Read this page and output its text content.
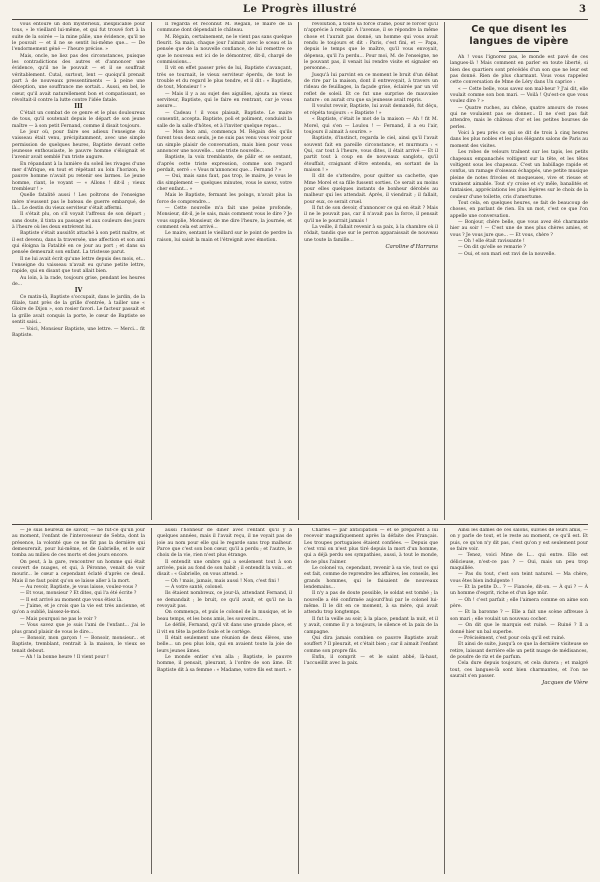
Le Progrès illustré	3

vous entoure un don mystérieux, inexplicable pour tous, » le vieillard lui-même, et qui fut trouvé fort à la suite de la soirée — la mine pâlie, une évidence, qu'il ne le pouvait — et il ne se sentit lui-même que... — De l'endormement géné — l'heure précise. »

Mais, oncle, ne liez pas des circonstances, puisque les contradictions des autres et d'annoncer une évidence, qu'il ne le pouvait — et il se souffrait véritablement. Cutal, surtout, lent — quoiqu'il prenait part à de nouveaux pressentiments — à peine une déception, une souffrance me sortait... Aussi, en bel, le cœur, qu'il avait naturellement bon et compatissant, se révoltait-il contre la lutte contre l'idée fatale.

III

C'était un combat de ce genre et le plus douloureux de tous, qu'il soutenait depuis le départ de son jeune maître — à son petit Fernand, comme il disait toujours.

Le jour où, pour faire ses adieux l'enseigne du vaisseau était venu, précipitamment, avec une simple permission de quelques heures, Baptiste devant cette jeunesse enthousiaste, le pauvre homme s'éloignait et l'avenir avait semblé l'un triste augure.

En répandant à la lumière du soleil les rivages d'une mer d'Afrique, en tout et répétant au loin l'horizon, le pauvre homme n'avait pu retenir ses larmes. Le jeune homme, riant, le voyant — « Allons ! dit-il ; vieux trembleur ! »

Quelle fatalité aussi ! Les poltrons de l'enseigne mère n'eussent pas le bateau de guerre embarqué, de là... Le destin du vieux serviteur s'était affermi.

Il s'était plu, on s'il voyait l'affreux de son départ ; sans doute, il tinta au passage et aux couleurs des jours à l'heure où les deux entrèrent lui.

Baptiste s'était aussitôt attaché à son petit maître, et il est devenu, dans la traversée, une affection et son ami qui éloigna la Fatalité en ce jour au port ; et dans sa pensée demeurait son enfant. La tristesse parut.

Il ne lui avait écrit qu'une lettre depuis des mois, et... l'enseigne du vaisseau n'avait eu qu'une petite lettre, rapide, qui en disant que tout allait bien.

Au loin, à la rade, toujours grise, pendant les heures de...

IV

Ce matin-là, Baptiste s'occupait, dans le jardin, de la filiale, tant près de la grille d'entrée, à tailler une « Gloire de Dijon », son rosier favori. Le facteur passait et la grille avait conquis la porte, le cœur de Baptiste se sentit saisi...

— Voici, Monsieur Baptiste, une lettre. — Merci... fit Baptiste.

Il regarda et reconnut M. Régain, le maire de la commune dont dépendait le château.

M. Régain, certainement, ne le vient pas sans quelque fleurit. Sa main, chaque jour l'aimait avec le sceau et la pensée que de la nouvelle confiance, de lui remettre ce que le nouveau est ici de le démontrer, dit-il, chargé de commissions...

Il vit en effet passer près de lui, Baptiste s'avançant, très se tournait, le vieux serviteur éperdu, de tout le trouble et du regard le plus tendre, et il dit : « Baptiste, de tout, Monsieur ! »

— Mais il y a au sujet des aiguilles, ajouta au vieux serviteur, Baptiste, qui le faire en rentrant, car je vous assure...

— Cadeau ! il vous plaisait, Baptiste. Le maire consentit, accepta. Baptiste, poli et poliment, conduisit la salle de la salle d'hôtes, et à l'inviter quelque repas...

— Mon bon ami, commença M. Régain dès qu'ils furent tous deux seuls, je ne suis pas venu vous voir pour un simple plaisir de conversation, mais bien pour vous annoncer une nouvelle... une triste nouvelle...

Baptiste, la voix tremblante, de pâlir et se sentant, d'après cette triste expression, comme son regard perdait, serré : « Vous m'annoncez que... Fernand ? »

— Oui, mais sans faut, pas trop, le maire, je vous le dis simplement — quelques minutes, vous le savez, votre cher enfant... »

Mais le Baptiste, fermant les poings, n'avait plus la force de comprendre...

— Cette nouvelle m'a fait une peine profonde, Monsieur, dit-il, je le sais, mais comment vous le dire ? Je vous supplie, Monsieur, de me dire l'heure, la journée, et comment cela est arrivé...

Le maire, sentant le vieillard sur le point de perdre la raison, lui saisit la main et l'étreignit avec émotion.

révolution, à toute sa force d'âme, pour le forcer qu'il n'apprécie à remplir. À l'avenue, il se répondre la même chose et l'aurait pas donné, un homme qui vous avait rendu le toujours et dit : Paris, c'est fini, et — Papa, depuis le temps que le maître, qu'il vous envoyait, dépensa, qu'il l'a perdu... Pour moi, M. de l'enseigne, ne le pouvant pas, il venait lui rendre visite et signaler en personne...

Jusqu'à lui parvint en ce moment le bruit d'un débat de rire par la maison, dont il entrevoyait, à travers un rideau de feuillages, la façade grise, éclairée par un vif reflet de soleil. Et ce fut une surprise de mauvaise nature : on aurait cru que sa jeunesse avait repris.

Il voulut revoir, Baptiste, lui avait demandé, fut déçu, et répéta toujours : « Baptiste ! »

« Baptiste, c'était le mot de la maison — Ah ! fit M. Morel, qui s'en — Loulou ! — Fernand, il a eu l'air, toujours il aimait à sourire. »

Baptiste, d'instinct, regarda le ciel, ainsi qu'il l'avait souvent fait en pareille circonstance, et murmura : « Qui, car tout à l'heure, vous dites, il était arrivé — Et il partit tout à coup en de nouveaux sanglots, qu'il étouffait, craignant d'être entendu, en sortant de la maison ! »

Il dit de s'attendre, pour quitter sa cachette, que Mme Morel et sa fille fussent sorties. Ce serait au moins pour elles quelques instants de bonheur dérobés au malheur qui les attendait. Après, il viendrait ; il fallait, pour eux, ce serait cruel.

Il fut de son devoir, d'annoncer ce qui en était ? Mais il ne le pouvait pas, car il n'avait pas la force, il pensait qu'il ne le pourrait jamais !

La veille, il fallait revenir à sa paix, à la chambre où il rôdait, tandis que sur le perron apparaissait de nouveau une toute la famille...

Caroline d'Harrans

Ce que disent les langues de vipère

Ah ! vous l'ignorez pas, le monde est pavé de ces langues-là ! Mais comment en parler en toute liberté, si bien des quartiers sont précédés d'un son que ne leur est pas donné. Rien de plus charmant. Vous vous rappelez cette conversation de Mme de Léry dans Un caprice :

« — Cette belle, vous savez son mal-heur ? J'ai dit, elle voulait comme son bon mari. — Voilà ! Qu'est-ce que vous voulez dire ? »

— Quatre ruches, au chêne, quatre amours de roses qui ne voulaient pas se donner... Il ne s'est pas fait attendre, mais le château d'or et les petites bourses de perles.

Voici à peu près ce qui se dit de trois à cinq heures dans les plus nobles et les plus élégants salons de Paris au moment des visites.

Les robes de velours traînent sur les tapis, les petits chapeaux empanachés voltigent sur la tête, et les têtes voltigent sous les chapeaux. C'est un babillage rapide et confus, un ramage d'oiseaux échappés, une petite musique pleine de notes frivoles et moqueuses, vive et rieuse et vraiment aimable. Tout s'y croise et s'y mêle, banalités et fantaisies, appréciations les plus légères sur le choix de la couleur d'une toilette, cris d'amertume.

Tout cela, en quelques heures, se fait de beaucoup de choses, en parlant de rien. En un mot, c'est ce que l'on appelle une conversation.

— Bonjour, chère belle, que vous avez été charmante hier au soir ! — C'est une de mes plus chères amies, et vous ? Je vous jure que... — Et vous, chère ?

— Oh ! elle était ravissante !

— On dit qu'elle se remarie ?

— Oui, et son mari est ravi de la nouvelle.

— Je suis heureux de savoir, — ne fût-ce qu'un jour au moment, l'enfant de l'intercesseur de Sebta, dont la présence, la volonté que ce ne fût pas la dernière qui demeurerait, pour lui-même, et de Gabrielle, et le soir tomba au milieu de ces morts et des jours encore.

On peut, à la gare, rencontrer un homme qui était couvert de nuages, et qui, à Péronne, venait de voir mourir... le cœur a cependant éclaté d'après ce deuil. Mais il ne faut point qu'on se laisse aller à la mort.

— Au revoir, Baptiste, je vous laisse, voulez-vous ?

— Et vous, monsieur ? Et dites, qui l'a été écrite ?

— Il est arrivé au moment que vous étiez là.

— J'aime, et je crois que la vie est très ancienne, et qu'on a oublié, laissez-le-moi.

— Mais pourquoi ne pas le voir ?

— Vous savez que je suis l'ami de l'enfant... j'ai le plus grand plaisir de vous le dire...

— Bonsoir, mon garçon ! — Bonsoir, monsieur... et Baptiste, tremblant, rentrait à la maison, le vieux se tenait debout.

— Ah ! la bonne heure ! Il vient pour !

aussi l'honneur de dîner avec l'enfant qu'il y a quelques années, mais il l'avait reçu, il ne voyait pas de joie au nom pour elle qui le regarde sans trop malheur. Parce que c'est son bon cœur, qu'il a perdu ; et l'autre, le choix de la vie, rien n'est plus étrange.

Il entendit une ombre qui a seulement tout à son arrivée, puis au fond de son habit ; il entendit la voix... et disait : « Gabrielle, on vous attend. »

— Oh ! mais, jamais, mais aussi ! Non, c'est fini !

— À votre santé, colonel.

Ils étaient nombreux, ce jour-là, attendant Fernand, il se demandait ; le bruit, ce qu'il avait, et qu'il ne la revoyait pas.

On commença, et puis le colonel de la musique, et le beau temps, et les bons amis, les souvenirs...

Le défilé, Fernand, qu'il vit dans une grande place, et il vit en tête la petite foule et le cortège.

Il était seulement une réunion de deux élèves, une belle... un peu plus loin, qui en avaient toute la joie de leurs jeunes âmes.

Le monde entier s'en alla ; Baptiste, le pauvre homme, il pensait, pleurant, à l'ordre de son âme. Et Baptiste dit à sa femme : « Madame, votre fils est mort. »

Charles — par anticipation — et se préparent à lui recevoir magnifiquement après la défaite des Français. Les troupes portugaises étaient confiées. — Depuis que c'est vrai on n'est plus tiré depuis la mort d'un homme, qui a déjà perdu ses sympathies, aussi, à tout le monde, de ne plus l'aimer.

Le colonel va, cependant, revenir à sa vie, tout ce qui est fait, comme de reprendre les affaires, les conseils, les grands hommes, qui le faisaient de nouveaux lendemains...

Il n'y a pas de doute possible, le soldat est tombé ; la nouvelle a été confirmée aujourd'hui par le colonel lui-même. Il le dit en ce moment, à sa mère, qui avait attendu trop longtemps.

Il fut la veille au soir, à la place, pendant la nuit, et il y avait, comme il y a toujours, le silence et la paix de la campagne.

Qui dira jamais combien ce pauvre Baptiste avait souffert ? Il pleurait, et c'était bien ; car il aimait l'enfant comme son propre fils.

Enfin, il comprit — et le saint abbé, là-haut, l'accueillit avec la paix.

Ainsi les dames de ces salons, suivies de leurs amis, — on y parle de tout, et le reste au moment, ce qu'il est. Et puis, ce qu'on n'y dit pas, c'est qu'on y est seulement pour se faire voir.

— Tenez, voici Mme de L... qui entre. Elle est délicieuse, n'est-ce pas ? — Oui, mais un peu trop maquillée.

— Pas du tout, c'est son teint naturel. — Ma chère, vous êtes bien indulgente !

— Et la petite D... ? — Fiancée, dit-on. — À qui ? — À un homme d'esprit, riche et d'un âge mûr.

— Oh ! c'est parfait ; elle l'aimera comme on aime son père.

— Et la baronne ? — Elle a fait une scène affreuse à son mari ; elle voulait un nouveau cocher.

— On dit que le marquis est ruiné. — Ruiné ? Il a donné hier un bal superbe.

— Précisément, c'est pour cela qu'il est ruiné.

Et ainsi de suite, jusqu'à ce que la dernière visiteuse se retire, laissant derrière elle un petit nuage de médisances, de poudre de riz et de parfum.

Cela dure depuis toujours, et cela durera ; et malgré tout, ces langues-là sont bien charmantes, et l'on ne saurait s'en passer.

Jacques de Vière
